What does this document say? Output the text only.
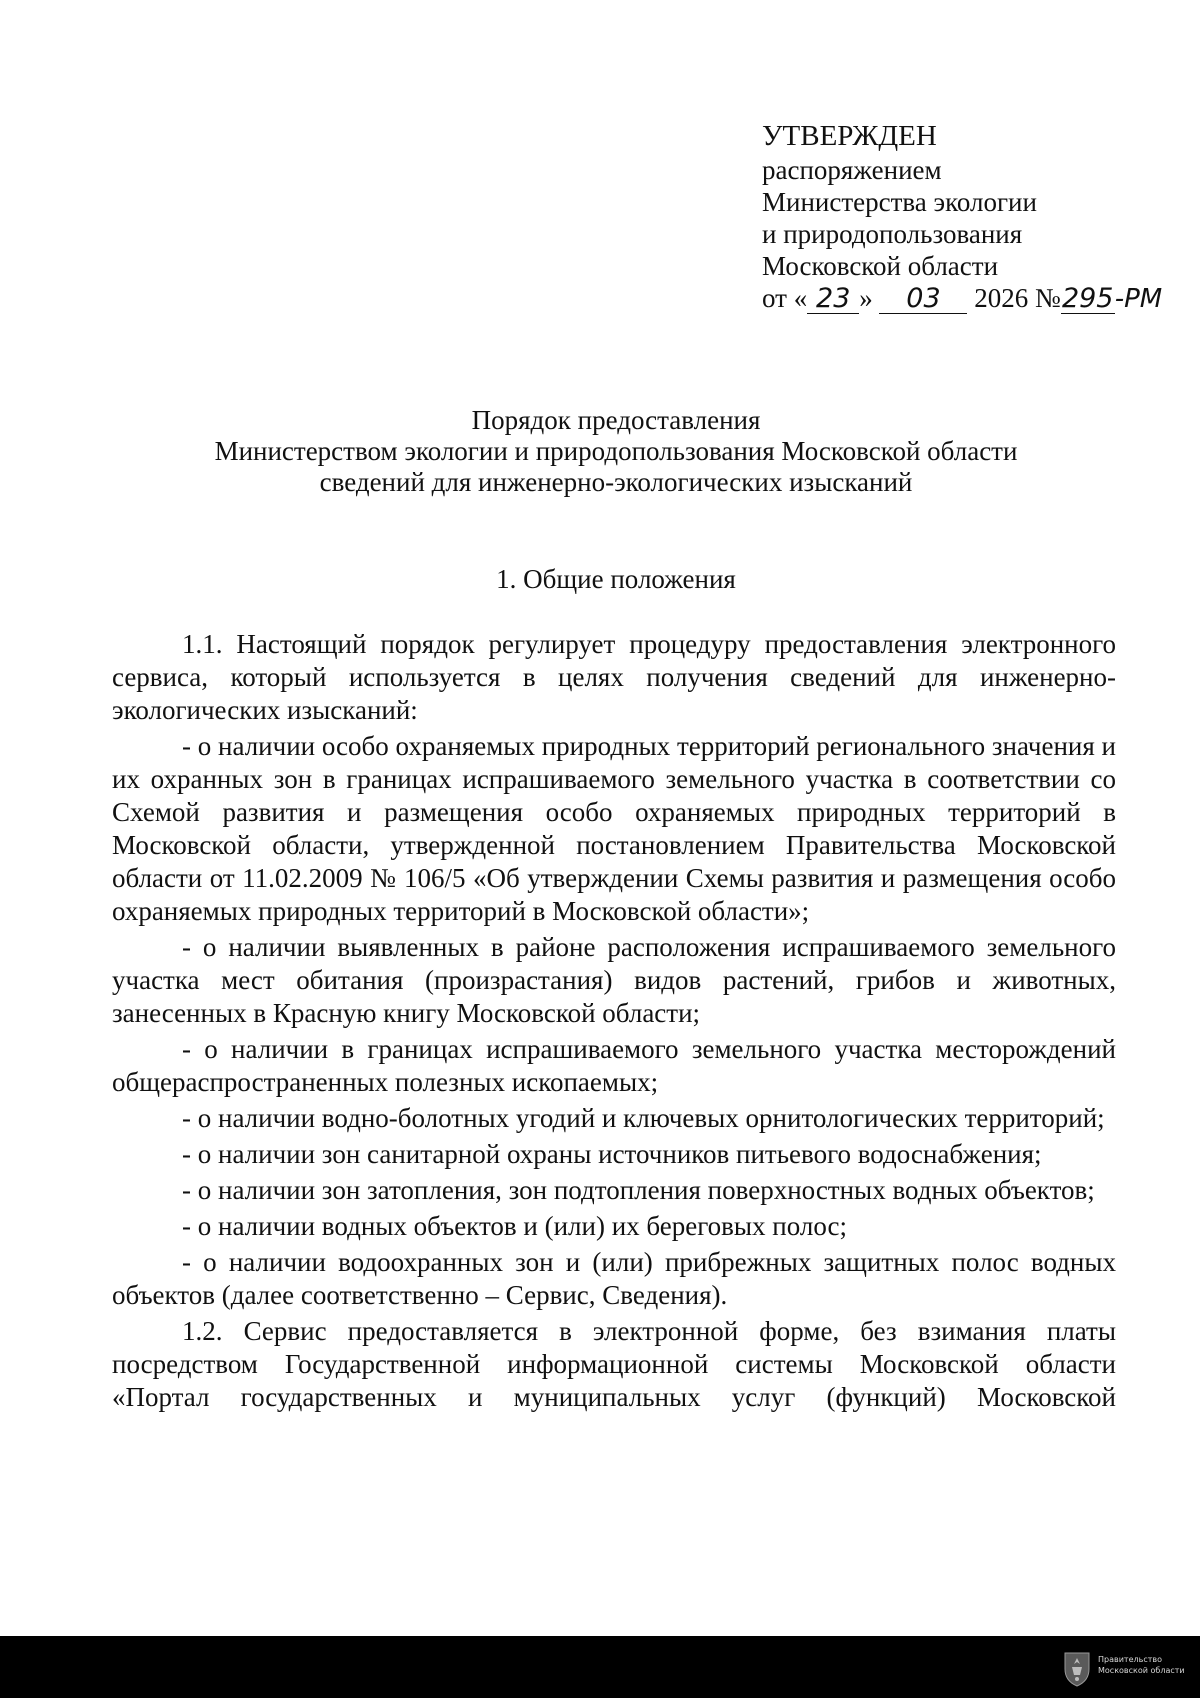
УТВЕРЖДЕН
распоряжением
Министерства экологии
и природопользования
Московской области
от « 23 » 03 2026 №295-РМ
Порядок предоставления
Министерством экологии и природопользования Московской области
сведений для инженерно-экологических изысканий
1. Общие положения

1.1. Настоящий порядок регулирует процедуру предоставления электронного сервиса, который используется в целях получения сведений для инженерно-экологических изысканий:

- о наличии особо охраняемых природных территорий регионального значения и их охранных зон в границах испрашиваемого земельного участка в соответствии со Схемой развития и размещения особо охраняемых природных территорий в Московской области, утвержденной постановлением Правительства Московской области от 11.02.2009 № 106/5 «Об утверждении Схемы развития и размещения особо охраняемых природных территорий в Московской области»;

- о наличии выявленных в районе расположения испрашиваемого земельного участка мест обитания (произрастания) видов растений, грибов и животных, занесенных в Красную книгу Московской области;

- о наличии в границах испрашиваемого земельного участка месторождений общераспространенных полезных ископаемых;

- о наличии водно-болотных угодий и ключевых орнитологических территорий;

- о наличии зон санитарной охраны источников питьевого водоснабжения;

- о наличии зон затопления, зон подтопления поверхностных водных объектов;

- о наличии водных объектов и (или) их береговых полос;

- о наличии водоохранных зон и (или) прибрежных защитных полос водных объектов (далее соответственно – Сервис, Сведения).

1.2. Сервис предоставляется в электронной форме, без взимания платы посредством Государственной информационной системы Московской области «Портал государственных и муниципальных услуг (функций) Московской

Правительство
Московской области
